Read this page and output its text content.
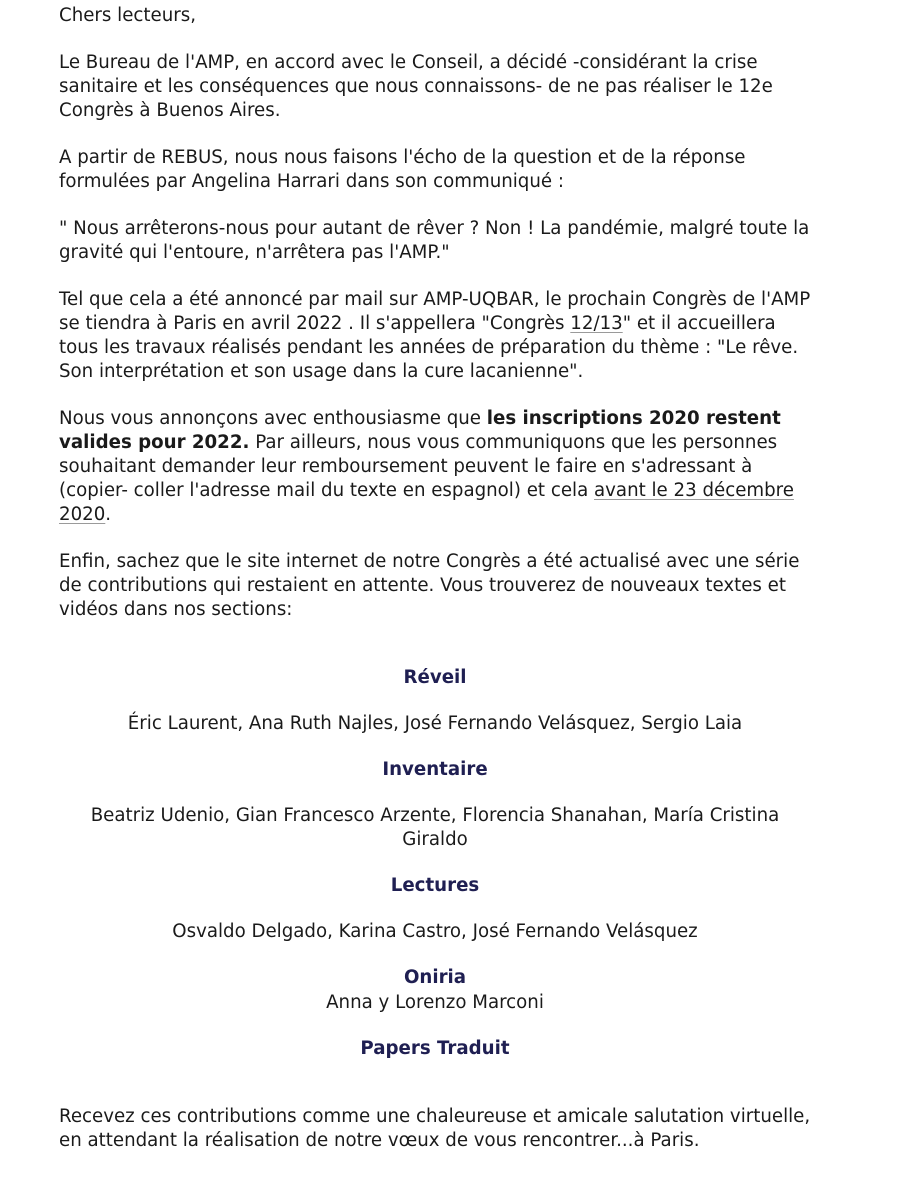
Chers lecteurs,

Le Bureau de l'AMP, en accord avec le Conseil, a décidé -considérant la crise sanitaire et les conséquences que nous connaissons- de ne pas réaliser le 12e Congrès à Buenos Aires.

A partir de REBUS, nous nous faisons l'écho de la question et de la réponse formulées par Angelina Harrari dans son communiqué :

" Nous arrêterons-nous pour autant de rêver ? Non ! La pandémie, malgré toute la gravité qui l'entoure, n'arrêtera pas l'AMP."

Tel que cela a été annoncé par mail sur AMP-UQBAR, le prochain Congrès de l'AMP se tiendra à Paris en avril 2022 . Il s'appellera "Congrès 12/13" et il accueillera tous les travaux réalisés pendant les années de préparation du thème : "Le rêve. Son interprétation et son usage dans la cure lacanienne".

Nous vous annonçons avec enthousiasme que les inscriptions 2020 restent valides pour 2022. Par ailleurs, nous vous communiquons que les personnes souhaitant demander leur remboursement peuvent le faire en s'adressant à (copier- coller l'adresse mail du texte en espagnol) et cela avant le 23 décembre 2020.

Enfin, sachez que le site internet de notre Congrès a été actualisé avec une série de contributions qui restaient en attente. Vous trouverez de nouveaux textes et vidéos dans nos sections:

Réveil

Éric Laurent, Ana Ruth Najles, José Fernando Velásquez, Sergio Laia

Inventaire

Beatriz Udenio, Gian Francesco Arzente, Florencia Shanahan, María Cristina Giraldo

Lectures

Osvaldo Delgado, Karina Castro, José Fernando Velásquez

Oniria

Anna y Lorenzo Marconi

Papers Traduit

Recevez ces contributions comme une chaleureuse et amicale salutation virtuelle, en attendant la réalisation de notre vœux de vous rencontrer...à Paris.
